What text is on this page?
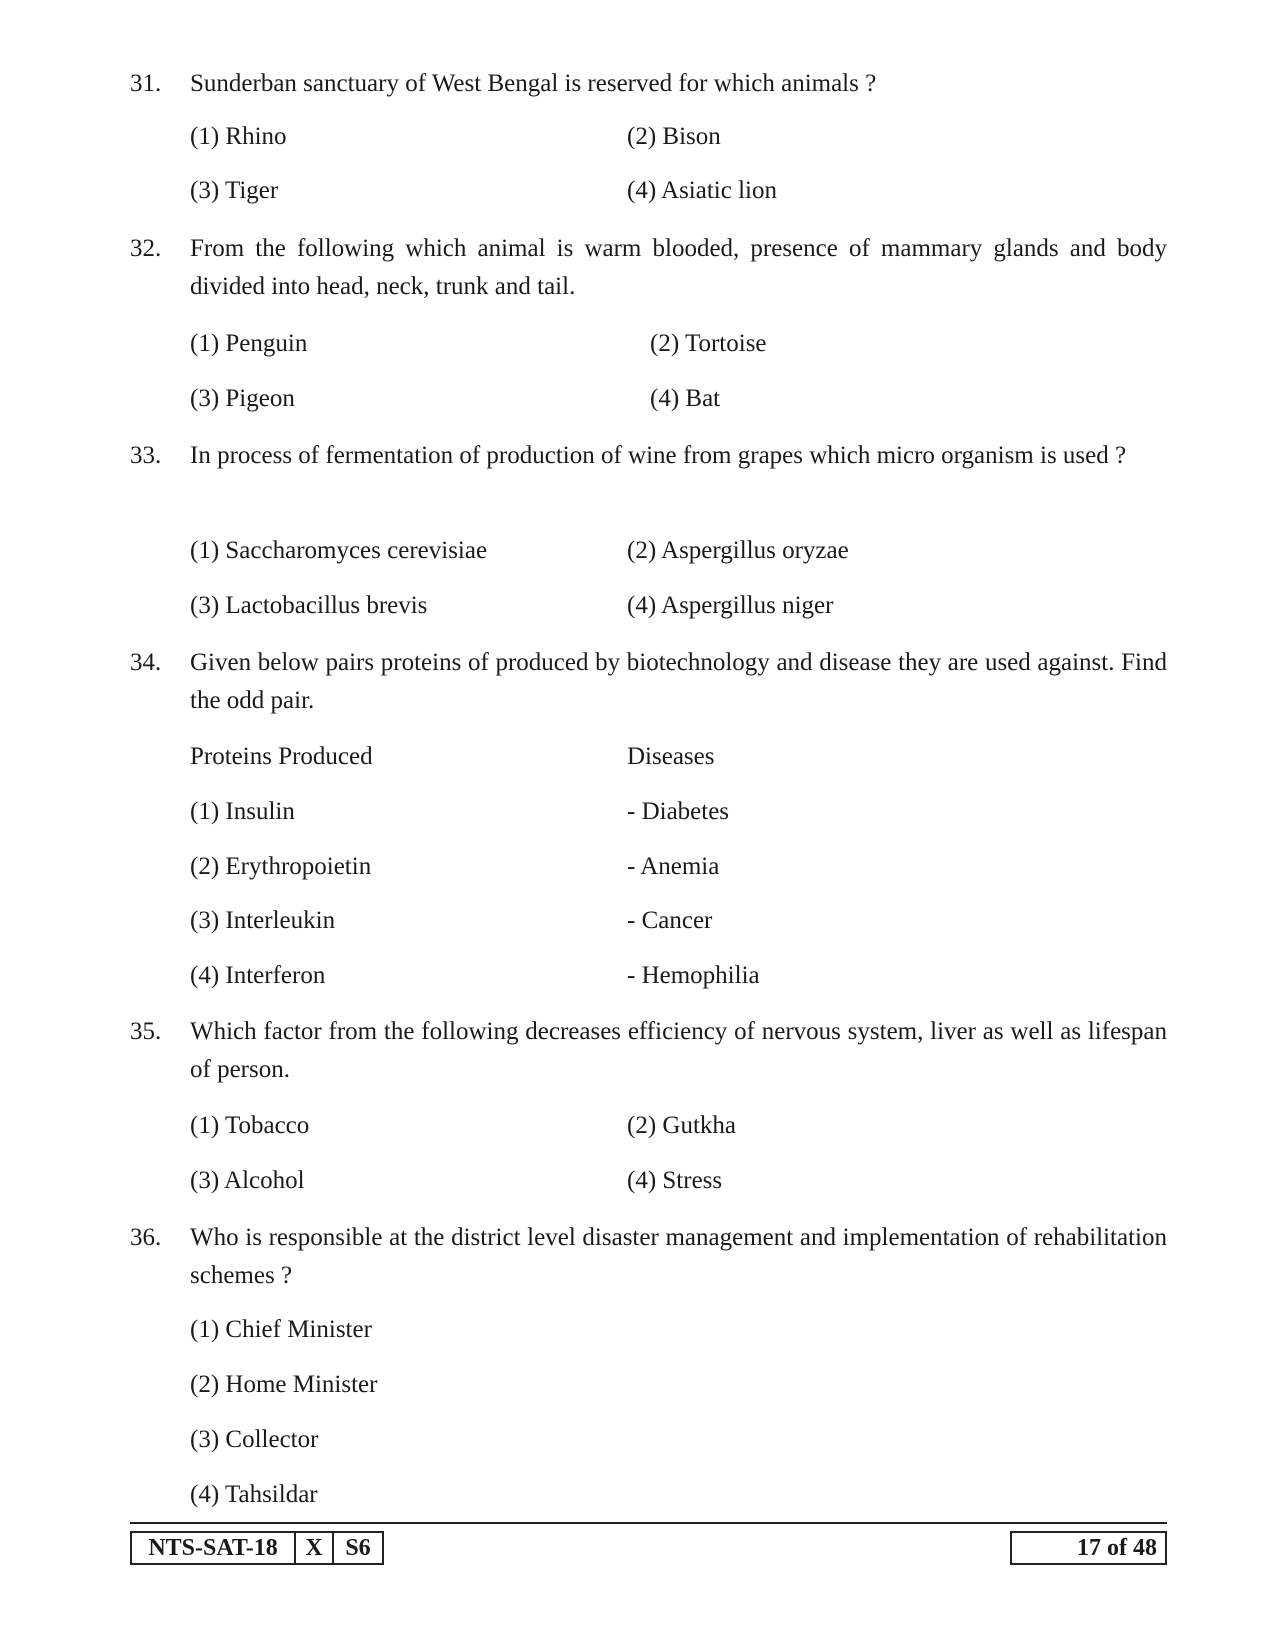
31. Sunderban sanctuary of West Bengal is reserved for which animals ?
(1) Rhino	(2) Bison
(3) Tiger	(4) Asiatic lion
32. From the following which animal is warm blooded, presence of mammary glands and body divided into head, neck, trunk and tail.
(1) Penguin	(2) Tortoise
(3) Pigeon	(4) Bat
33. In process of fermentation of production of wine from grapes which micro organism is used ?
(1) Saccharomyces cerevisiae	(2) Aspergillus oryzae
(3) Lactobacillus brevis	(4) Aspergillus niger
34. Given below pairs proteins of produced by biotechnology and disease they are used against. Find the odd pair.
Proteins Produced	Diseases
(1) Insulin	- Diabetes
(2) Erythropoietin	- Anemia
(3) Interleukin	- Cancer
(4) Interferon	- Hemophilia
35. Which factor from the following decreases efficiency of nervous system, liver as well as lifespan of person.
(1) Tobacco	(2) Gutkha
(3) Alcohol	(4) Stress
36. Who is responsible at the district level disaster management and implementation of rehabilitation schemes ?
(1) Chief Minister
(2) Home Minister
(3) Collector
(4) Tahsildar
NTS-SAT-18	X S6	17 of 48
